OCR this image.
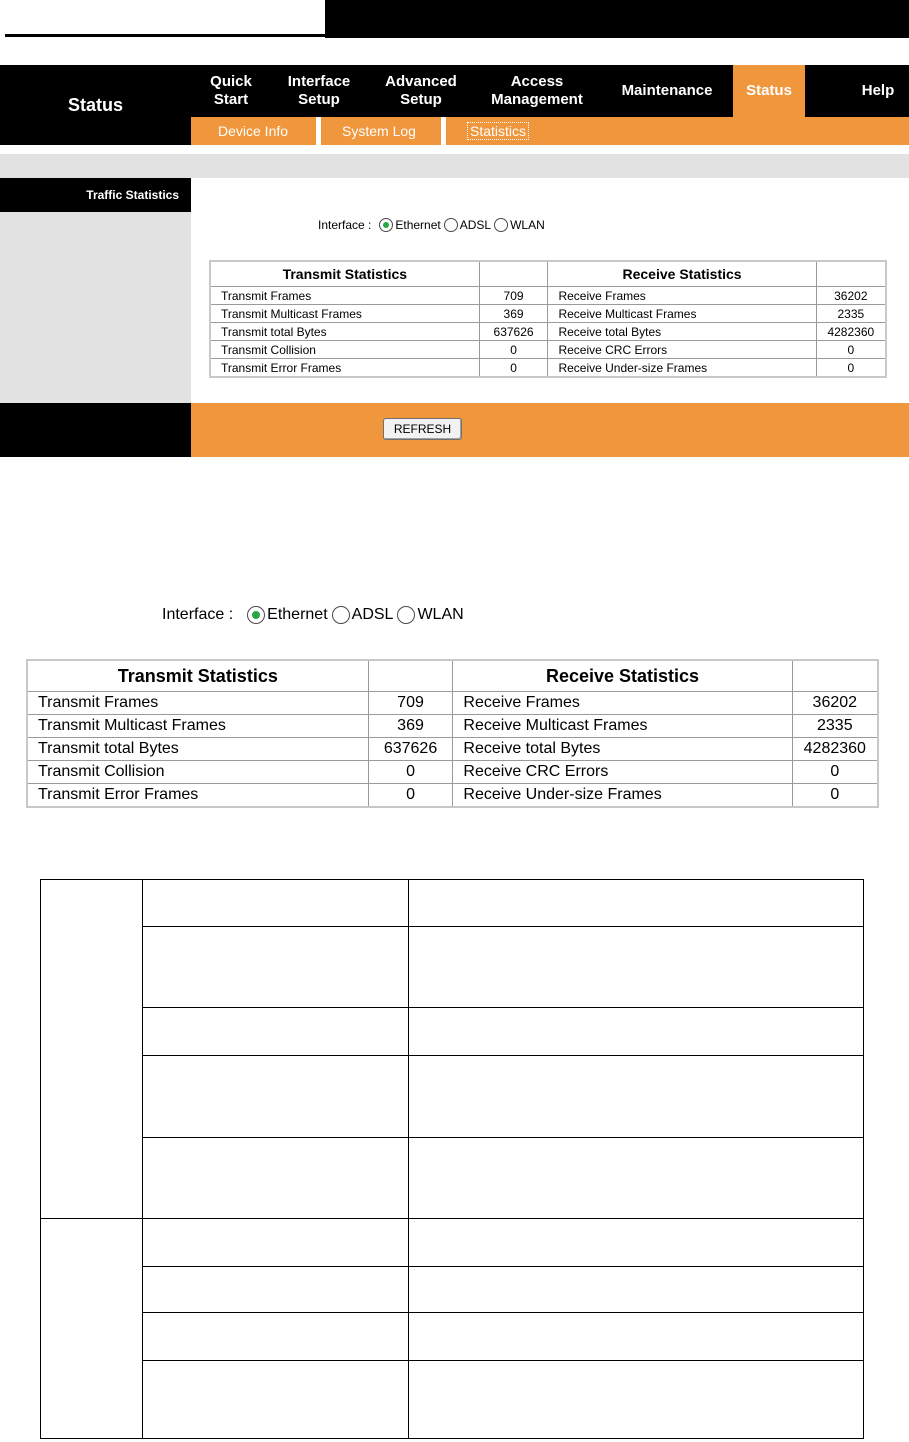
Status
Quick
Start
Interface
Setup
Advanced
Setup
Access
Management
Maintenance Status	Help
Device Info	System Log	Statistics
Traffic Statistics
Interface : Ethernet ADSL WLAN
Transmit Statistics		Receive Statistics	
Transmit Frames	709	Receive Frames	36202
Transmit Multicast Frames	369	Receive Multicast Frames	2335
Transmit total Bytes	637626	Receive total Bytes	4282360
Transmit Collision	0	Receive CRC Errors	0
Transmit Error Frames	0	Receive Under-size Frames	0
REFRESH
Interface : Ethernet ADSL WLAN
Transmit Statistics		Receive Statistics	
Transmit Frames	709	Receive Frames	36202
Transmit Multicast Frames	369	Receive Multicast Frames	2335
Transmit total Bytes	637626	Receive total Bytes	4282360
Transmit Collision	0	Receive CRC Errors	0
Transmit Error Frames	0	Receive Under-size Frames	0
